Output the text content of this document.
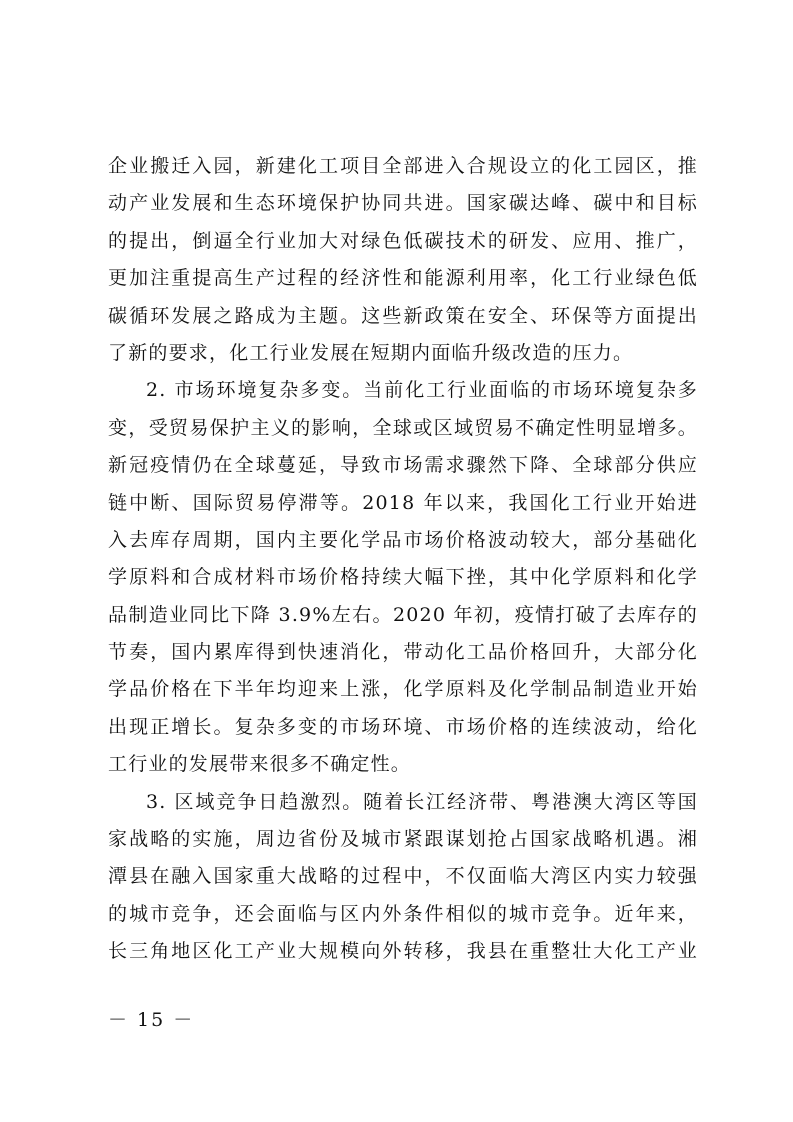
企业搬迁入园，新建化工项目全部进入合规设立的化工园区，推
动产业发展和生态环境保护协同共进。国家碳达峰、碳中和目标
的提出，倒逼全行业加大对绿色低碳技术的研发、应用、推广，
更加注重提高生产过程的经济性和能源利用率，化工行业绿色低
碳循环发展之路成为主题。这些新政策在安全、环保等方面提出
了新的要求，化工行业发展在短期内面临升级改造的压力。
2. 市场环境复杂多变。当前化工行业面临的市场环境复杂多
变，受贸易保护主义的影响，全球或区域贸易不确定性明显增多。
新冠疫情仍在全球蔓延，导致市场需求骤然下降、全球部分供应
链中断、国际贸易停滞等。2018 年以来，我国化工行业开始进
入去库存周期，国内主要化学品市场价格波动较大，部分基础化
学原料和合成材料市场价格持续大幅下挫，其中化学原料和化学
品制造业同比下降 3.9%左右。2020 年初，疫情打破了去库存的
节奏，国内累库得到快速消化，带动化工品价格回升，大部分化
学品价格在下半年均迎来上涨，化学原料及化学制品制造业开始
出现正增长。复杂多变的市场环境、市场价格的连续波动，给化
工行业的发展带来很多不确定性。
3. 区域竞争日趋激烈。随着长江经济带、粤港澳大湾区等国
家战略的实施，周边省份及城市紧跟谋划抢占国家战略机遇。湘
潭县在融入国家重大战略的过程中，不仅面临大湾区内实力较强
的城市竞争，还会面临与区内外条件相似的城市竞争。近年来，
长三角地区化工产业大规模向外转移，我县在重整壮大化工产业
－ 15 －
